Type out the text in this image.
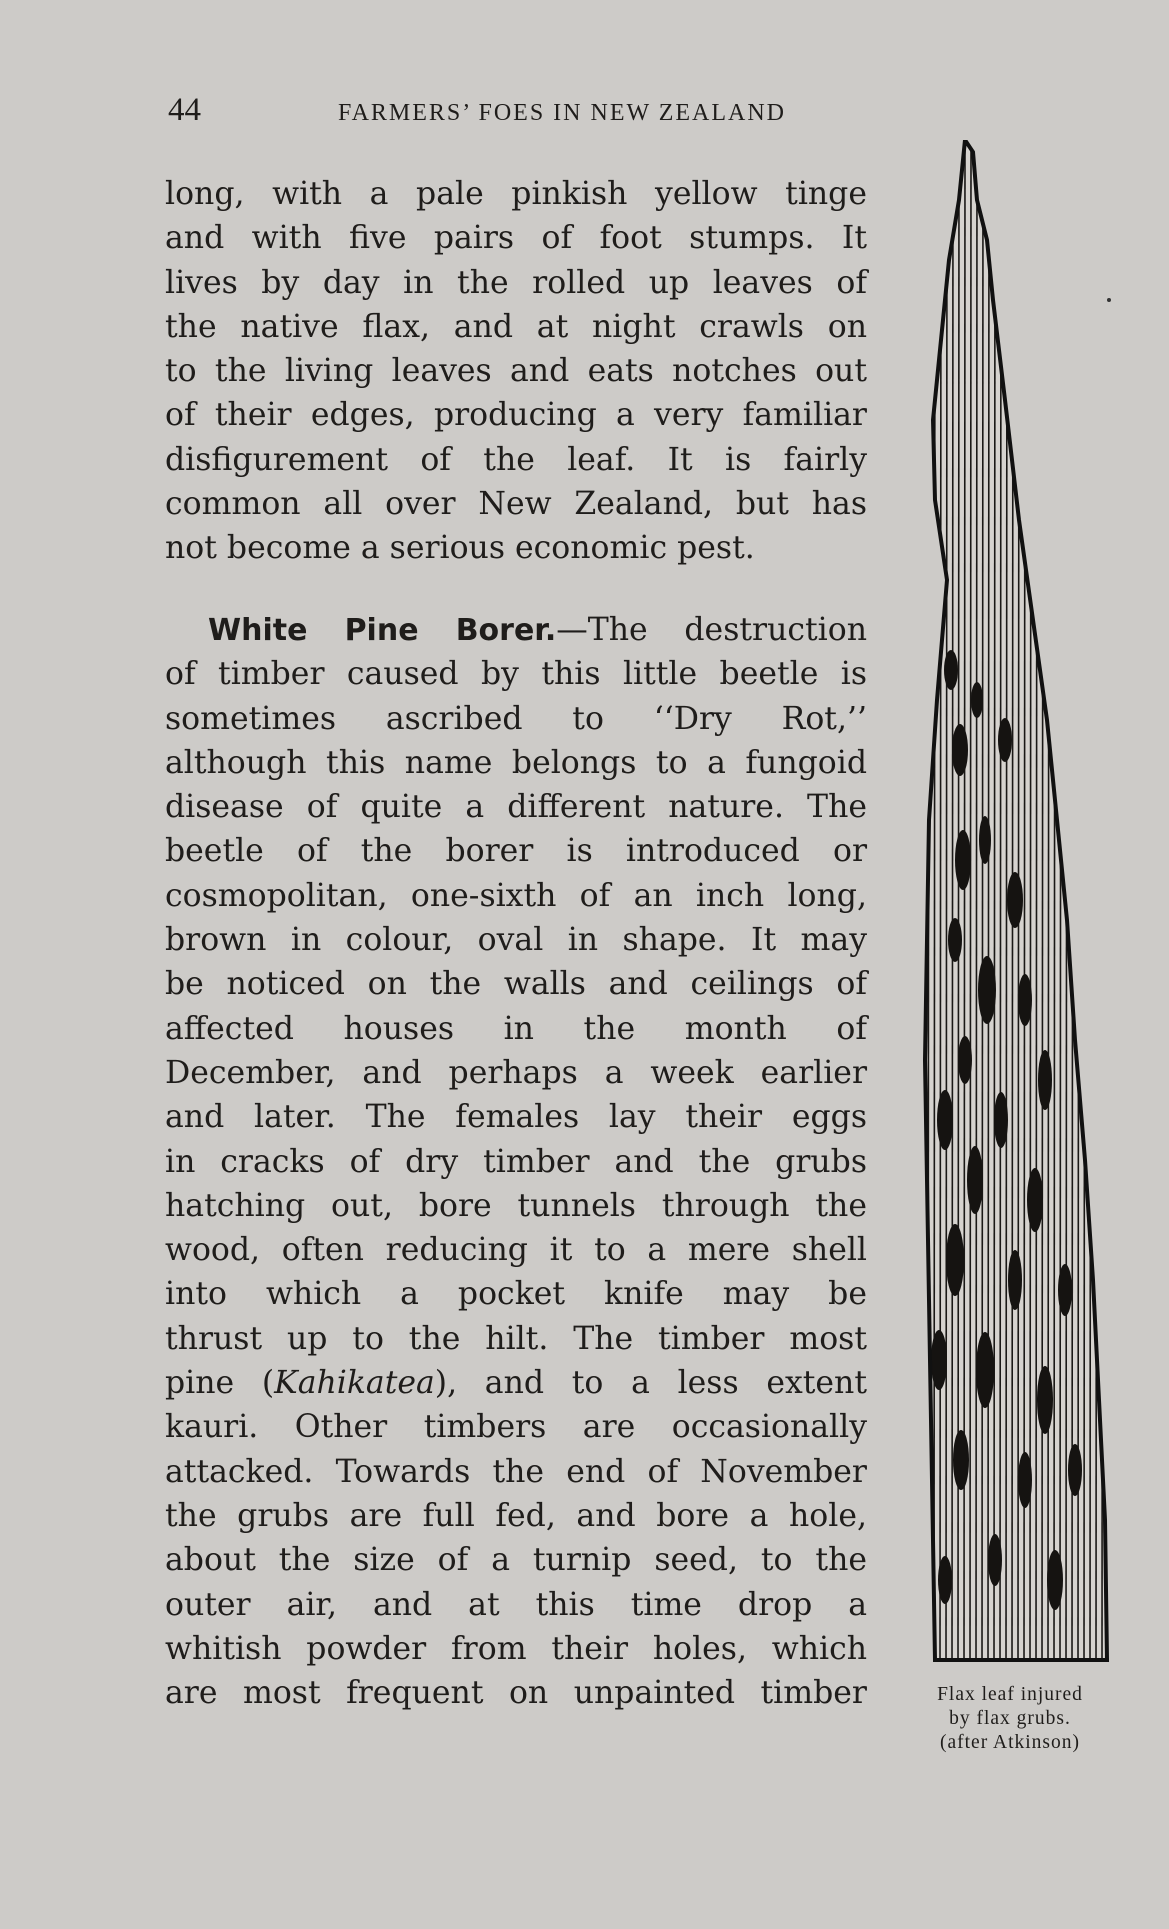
44	FARMERS’ FOES IN NEW ZEALAND
long, with a pale pinkish yellow tinge
and with five pairs of foot stumps. It
lives by day in the rolled up leaves of
the native flax, and at night crawls on
to the living leaves and eats notches out
of their edges, producing a very familiar
disfigurement of the leaf. It is fairly
common all over New Zealand, but has
not become a serious economic pest.
White Pine Borer.—The destruction
of timber caused by this little beetle is
sometimes ascribed to ‘‘Dry Rot,’’
although this name belongs to a fungoid
disease of quite a different nature. The
beetle of the borer is introduced or
cosmopolitan, one-sixth of an inch long,
brown in colour, oval in shape. It may
be noticed on the walls and ceilings of
affected houses in the month of
December, and perhaps a week earlier
and later. The females lay their eggs
in cracks of dry timber and the grubs
hatching out, bore tunnels through the
wood, often reducing it to a mere shell
into which a pocket knife may be
thrust up to the hilt. The timber most
pine (Kahikatea), and to a less extent
kauri. Other timbers are occasionally
attacked. Towards the end of November
the grubs are full fed, and bore a hole,
about the size of a turnip seed, to the
outer air, and at this time drop a
whitish powder from their holes, which
are most frequent on unpainted timber	Flax leaf injured
by flax grubs.
(after Atkinson)
